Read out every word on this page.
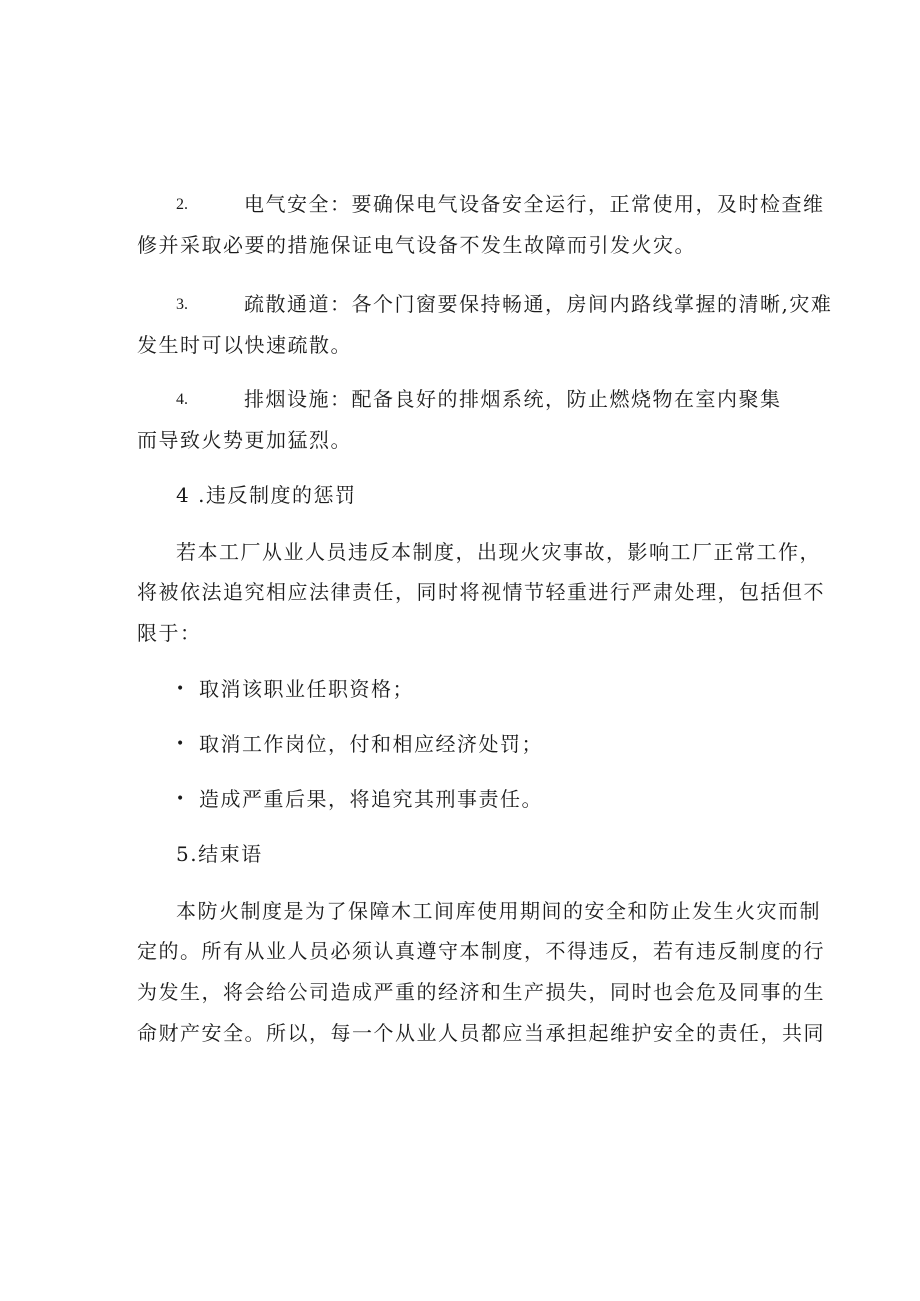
2.	电气安全：要确保电气设备安全运行，正常使用，及时检查维
修并采取必要的措施保证电气设备不发生故障而引发火灾。
3.	疏散通道：各个门窗要保持畅通，房间内路线掌握的清晰,灾难
发生时可以快速疏散。
4.	排烟设施：配备良好的排烟系统，防止燃烧物在室内聚集
而导致火势更加猛烈。
4 .违反制度的惩罚
若本工厂从业人员违反本制度，出现火灾事故，影响工厂正常工作，
将被依法追究相应法律责任，同时将视情节轻重进行严肃处理，包括但不
限于：
• 取消该职业任职资格；
• 取消工作岗位，付和相应经济处罚；
• 造成严重后果，将追究其刑事责任。
5.结束语
本防火制度是为了保障木工间库使用期间的安全和防止发生火灾而制
定的。所有从业人员必须认真遵守本制度，不得违反，若有违反制度的行
为发生，将会给公司造成严重的经济和生产损失，同时也会危及同事的生
命财产安全。所以，每一个从业人员都应当承担起维护安全的责任，共同
